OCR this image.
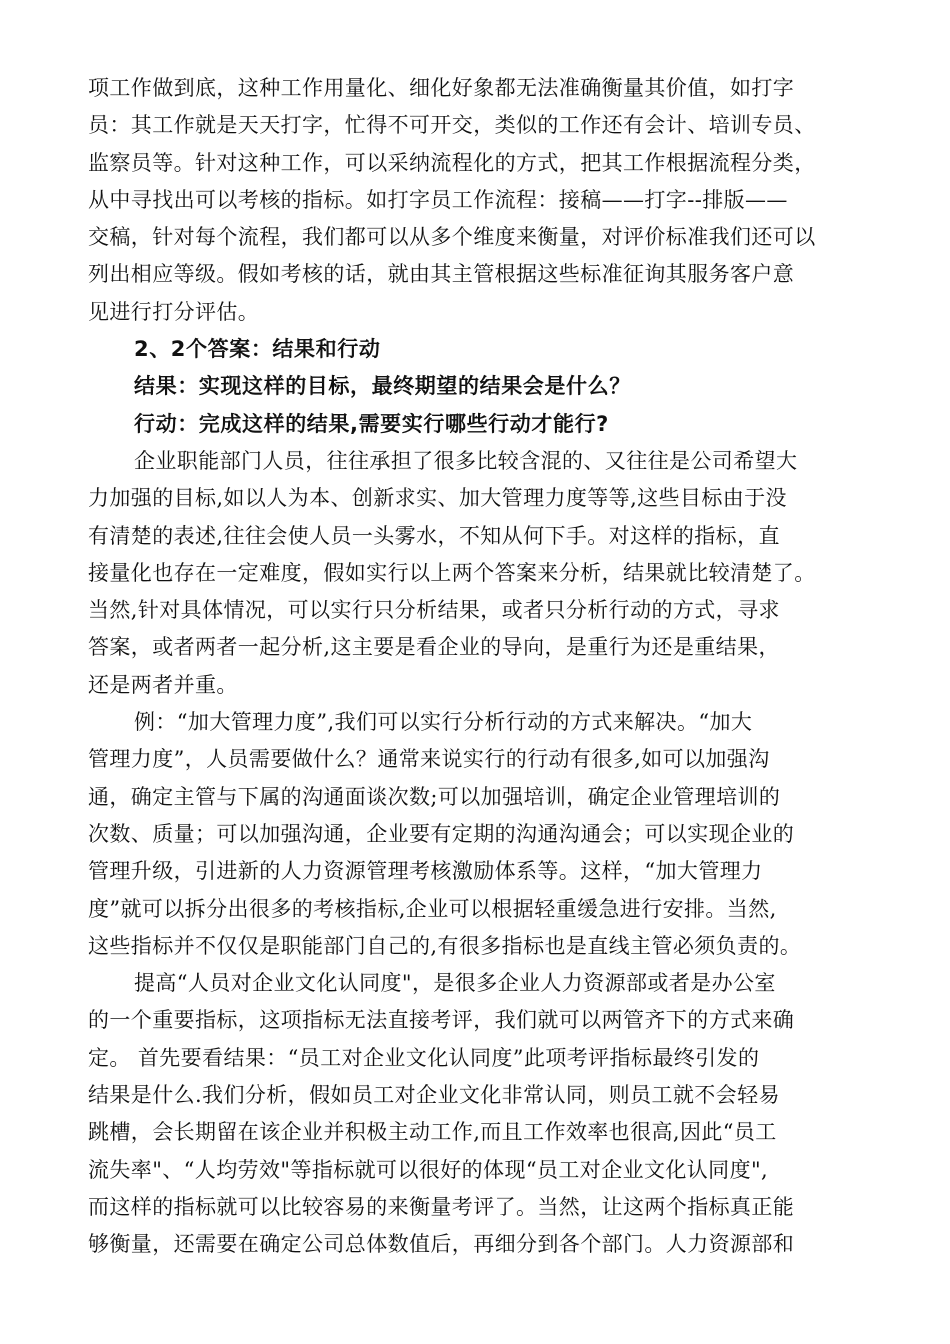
项工作做到底，这种工作用量化、细化好象都无法准确衡量其价值，如打字
员：其工作就是天天打字，忙得不可开交，类似的工作还有会计、培训专员、
监察员等。针对这种工作，可以采纳流程化的方式，把其工作根据流程分类，
从中寻找出可以考核的指标。如打字员工作流程：接稿——打字--排版——
交稿，针对每个流程，我们都可以从多个维度来衡量，对评价标准我们还可以
列出相应等级。假如考核的话，就由其主管根据这些标准征询其服务客户意
见进行打分评估。
2、2个答案：结果和行动
结果：实现这样的目标，最终期望的结果会是什么？
行动：完成这样的结果,需要实行哪些行动才能行?
企业职能部门人员，往往承担了很多比较含混的、又往往是公司希望大
力加强的目标,如以人为本、创新求实、加大管理力度等等,这些目标由于没
有清楚的表述,往往会使人员一头雾水，不知从何下手。对这样的指标，直
接量化也存在一定难度，假如实行以上两个答案来分析，结果就比较清楚了。
当然,针对具体情况，可以实行只分析结果，或者只分析行动的方式，寻求
答案，或者两者一起分析,这主要是看企业的导向，是重行为还是重结果，
还是两者并重。
例：“加大管理力度”,我们可以实行分析行动的方式来解决。“加大
管理力度”，人员需要做什么？通常来说实行的行动有很多,如可以加强沟
通，确定主管与下属的沟通面谈次数;可以加强培训，确定企业管理培训的
次数、质量；可以加强沟通，企业要有定期的沟通沟通会；可以实现企业的
管理升级，引进新的人力资源管理考核激励体系等。这样，“加大管理力
度”就可以拆分出很多的考核指标,企业可以根据轻重缓急进行安排。当然,
这些指标并不仅仅是职能部门自己的,有很多指标也是直线主管必须负责的。
提高“人员对企业文化认同度"，是很多企业人力资源部或者是办公室
的一个重要指标，这项指标无法直接考评，我们就可以两管齐下的方式来确
定。 首先要看结果：“员工对企业文化认同度”此项考评指标最终引发的
结果是什么.我们分析，假如员工对企业文化非常认同，则员工就不会轻易
跳槽，会长期留在该企业并积极主动工作,而且工作效率也很高,因此“员工
流失率"、“人均劳效"等指标就可以很好的体现“员工对企业文化认同度",
而这样的指标就可以比较容易的来衡量考评了。当然，让这两个指标真正能
够衡量，还需要在确定公司总体数值后，再细分到各个部门。人力资源部和
